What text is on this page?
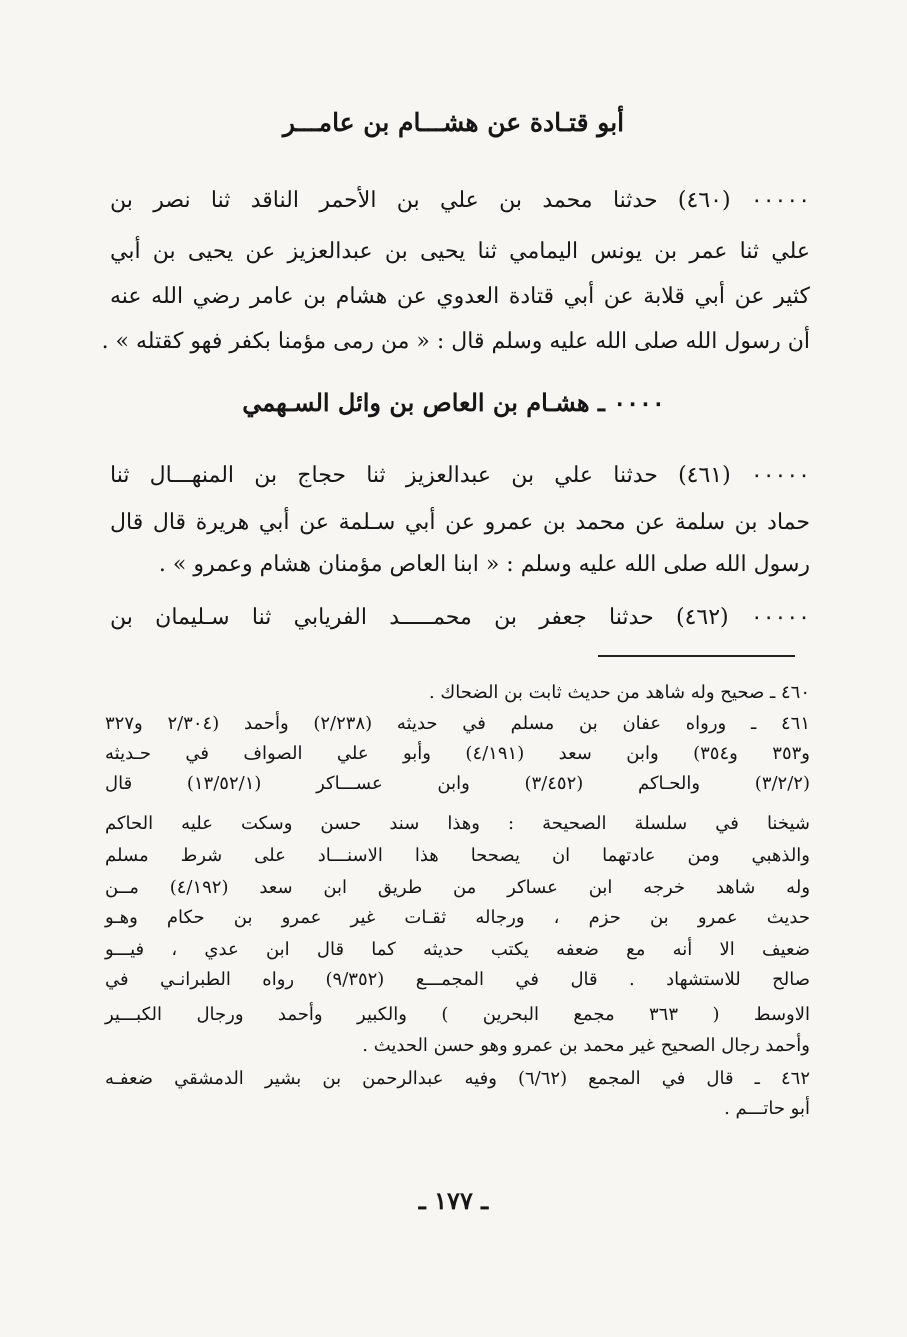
أبو قتـادة عن هشـــام بن عامـــر
٠٠٠٠٠ (٤٦٠) حدثنا محمد بن علي بن الأحمر الناقد ثنا نصر بن
علي ثنا عمر بن يونس اليمامي ثنا يحيى بن عبدالعزيز عن يحيى بن أبي
كثير عن أبي قلابة عن أبي قتادة العدوي عن هشام بن عامر رضي الله عنه
أن رسول الله صلى الله عليه وسلم قال : « من رمى مؤمنا بكفر فهو كقتله » .
٠٠٠٠ ـ هشـام بن العاص بن وائل السـهمي
٠٠٠٠٠ (٤٦١) حدثنا علي بن عبدالعزيز ثنا حجاج بن المنهـــال ثنا
حماد بن سلمة عن محمد بن عمرو عن أبي سـلمة عن أبي هريرة قال قال
رسول الله صلى الله عليه وسلم : « ابنا العاص مؤمنان هشام وعمرو » .
٠٠٠٠٠ (٤٦٢) حدثنا جعفر بن محمـــــد الفريابي ثنا سـليمان بن
٤٦٠ ـ صحيح وله شاهد من حديث ثابت بن الضحاك .
٤٦١ ـ ورواه عفان بن مسلم في حديثه (٢/٢٣٨) وأحمد (٢/٣٠٤ و٣٢٧
و٣٥٣ و٣٥٤) وابن سعد (٤/١٩١) وأبو علي الصواف في حـديثه
(٣/٢/٢) والحـاكم (٣/٤٥٢) وابن عســـاكر (١٣/٥٢/١) قال
شيخنا في سلسلة الصحيحة : وهذا سند حسن وسكت عليه الحاكم
والذهبي ومن عادتهما ان يصححا هذا الاسنـــاد على شرط مسلم
وله شاهد خرجه ابن عساكر من طريق ابن سعد (٤/١٩٢) مــن
حديث عمرو بن حزم ، ورجاله ثقـات غير عمرو بن حكام وهـو
ضعيف الا أنه مع ضعفه يكتب حديثه كما قال ابن عدي ، فيـــو
صالح للاستشهاد . قال في المجمـــع (٩/٣٥٢) رواه الطبرانـي في
الاوسط ( ٣٦٣ مجمع البحرين ) والكبير وأحمد ورجال الكبـــير
وأحمد رجال الصحيح غير محمد بن عمرو وهو حسن الحديث .
٤٦٢ ـ قال في المجمع (٦/٦٢) وفيه عبدالرحمن بن بشير الدمشقي ضعفـه
أبو حاتـــم .
ـ ١٧٧ ـ
